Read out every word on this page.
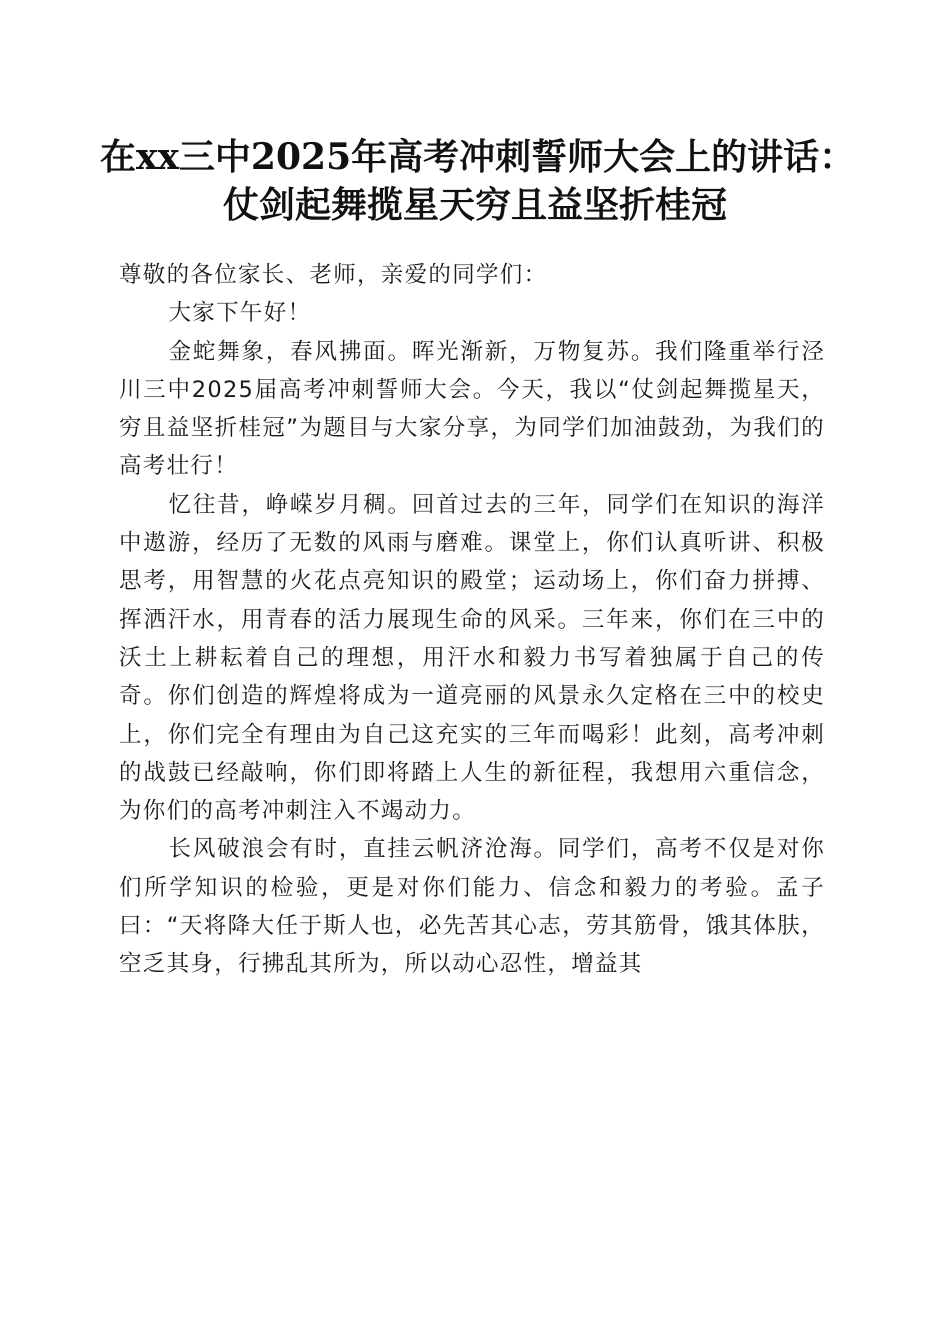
在xx三中2025年高考冲刺誓师大会上的讲话：
仗剑起舞揽星天穷且益坚折桂冠

尊敬的各位家长、老师，亲爱的同学们：

大家下午好！

金蛇舞象，春风拂面。晖光渐新，万物复苏。我们隆重举行泾川三中2025届高考冲刺誓师大会。今天，我以“仗剑起舞揽星天，穷且益坚折桂冠”为题目与大家分享，为同学们加油鼓劲，为我们的高考壮行！

忆往昔，峥嵘岁月稠。回首过去的三年，同学们在知识的海洋中遨游，经历了无数的风雨与磨难。课堂上，你们认真听讲、积极思考，用智慧的火花点亮知识的殿堂；运动场上，你们奋力拼搏、挥洒汗水，用青春的活力展现生命的风采。三年来，你们在三中的沃土上耕耘着自己的理想，用汗水和毅力书写着独属于自己的传奇。你们创造的辉煌将成为一道亮丽的风景永久定格在三中的校史上，你们完全有理由为自己这充实的三年而喝彩！此刻，高考冲刺的战鼓已经敲响，你们即将踏上人生的新征程，我想用六重信念，为你们的高考冲刺注入不竭动力。

长风破浪会有时，直挂云帆济沧海。同学们，高考不仅是对你们所学知识的检验，更是对你们能力、信念和毅力的考验。孟子曰：“天将降大任于斯人也，必先苦其心志，劳其筋骨，饿其体肤，空乏其身，行拂乱其所为，所以动心忍性，增益其
